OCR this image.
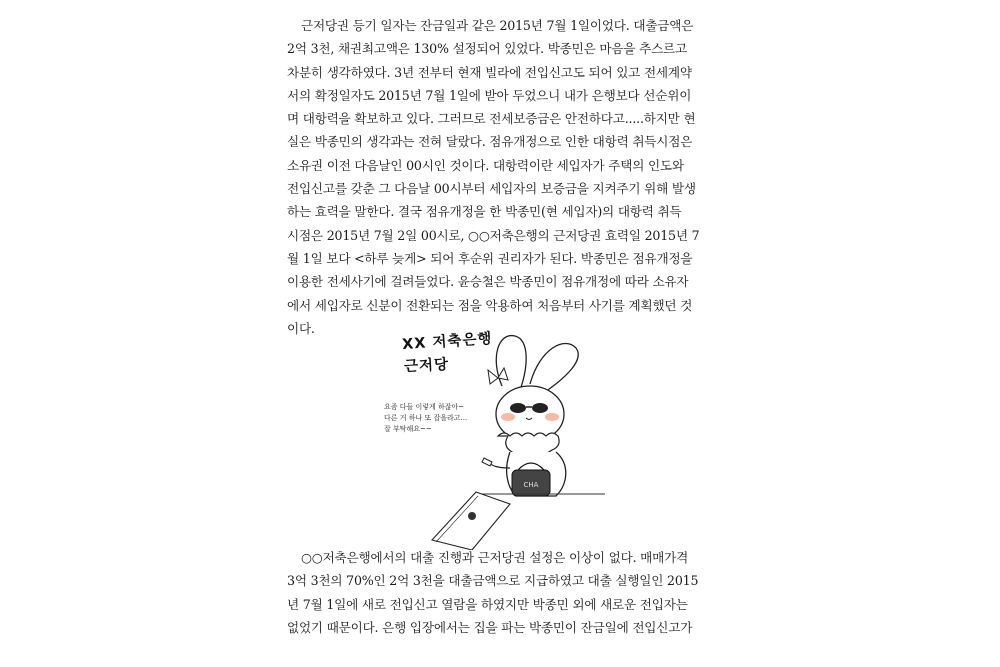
근저당권 등기 일자는 잔금일과 같은 2015년 7월 1일이었다. 대출금액은
2억 3천, 채권최고액은 130% 설정되어 있었다. 박종민은 마음을 추스르고
차분히 생각하였다. 3년 전부터 현재 빌라에 전입신고도 되어 있고 전세계약
서의 확정일자도 2015년 7월 1일에 받아 두었으니 내가 은행보다 선순위이
며 대항력을 확보하고 있다. 그러므로 전세보증금은 안전하다고.....하지만 현
실은 박종민의 생각과는 전혀 달랐다. 점유개정으로 인한 대항력 취득시점은
소유권 이전 다음날인 00시인 것이다. 대항력이란 세입자가 주택의 인도와
전입신고를 갖춘 그 다음날 00시부터 세입자의 보증금을 지켜주기 위해 발생
하는 효력을 말한다. 결국 점유개정을 한 박종민(현 세입자)의 대항력 취득
시점은 2015년 7월 2일 00시로, ○○저축은행의 근저당권 효력일 2015년 7
월 1일 보다 <하루 늦게> 되어 후순위 권리자가 된다. 박종민은 점유개정을
이용한 전세사기에 걸려들었다. 윤승철은 박종민이 점유개정에 따라 소유자
에서 세입자로 신분이 전환되는 점을 악용하여 처음부터 사기를 계획했던 것
이다.
CHA
XX 저축은행
근저당
요즘 다들 이렇게 하잖아~
다른 거 하나 또 잡을라고...
잘 부탁해요~~
○○저축은행에서의 대출 진행과 근저당권 설정은 이상이 없다. 매매가격
3억 3천의 70%인 2억 3천을 대출금액으로 지급하였고 대출 실행일인 2015
년 7월 1일에 새로 전입신고 열람을 하였지만 박종민 외에 새로운 전입자는
없었기 때문이다. 은행 입장에서는 집을 파는 박종민이 잔금일에 전입신고가
